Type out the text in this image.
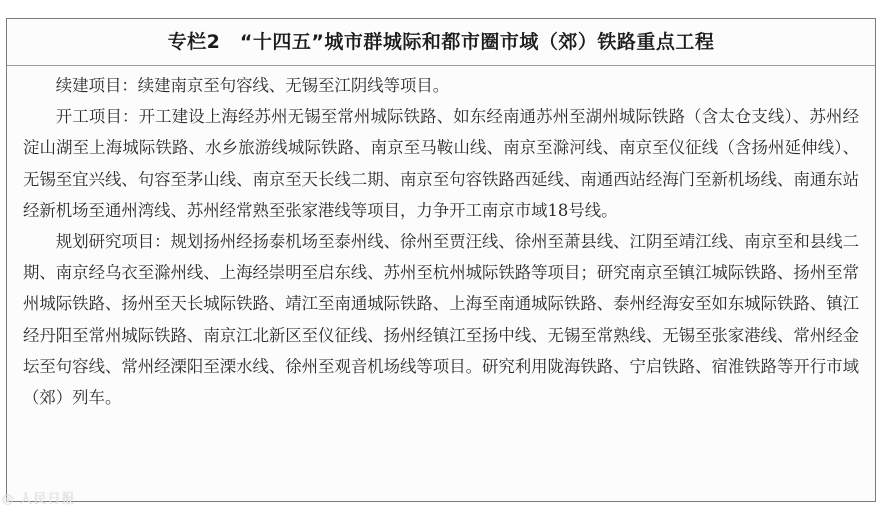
专栏2　“十四五”城市群城际和都市圈市域（郊）铁路重点工程

续建项目：续建南京至句容线、无锡至江阴线等项目。

开工项目：开工建设上海经苏州无锡至常州城际铁路、如东经南通苏州至湖州城际铁路（含太仓支线）、苏州经淀山湖至上海城际铁路、水乡旅游线城际铁路、南京至马鞍山线、南京至滁河线、南京至仪征线（含扬州延伸线）、无锡至宜兴线、句容至茅山线、南京至天长线二期、南京至句容铁路西延线、南通西站经海门至新机场线、南通东站经新机场至通州湾线、苏州经常熟至张家港线等项目，力争开工南京市域18号线。

规划研究项目：规划扬州经扬泰机场至泰州线、徐州至贾汪线、徐州至萧县线、江阴至靖江线、南京至和县线二期、南京经乌衣至滁州线、上海经崇明至启东线、苏州至杭州城际铁路等项目；研究南京至镇江城际铁路、扬州至常州城际铁路、扬州至天长城际铁路、靖江至南通城际铁路、上海至南通城际铁路、泰州经海安至如东城际铁路、镇江经丹阳至常州城际铁路、南京江北新区至仪征线、扬州经镇江至扬中线、无锡至常熟线、无锡至张家港线、常州经金坛至句容线、常州经溧阳至溧水线、徐州至观音机场线等项目。研究利用陇海铁路、宁启铁路、宿淮铁路等开行市域（郊）列车。

◎ 人民日报
